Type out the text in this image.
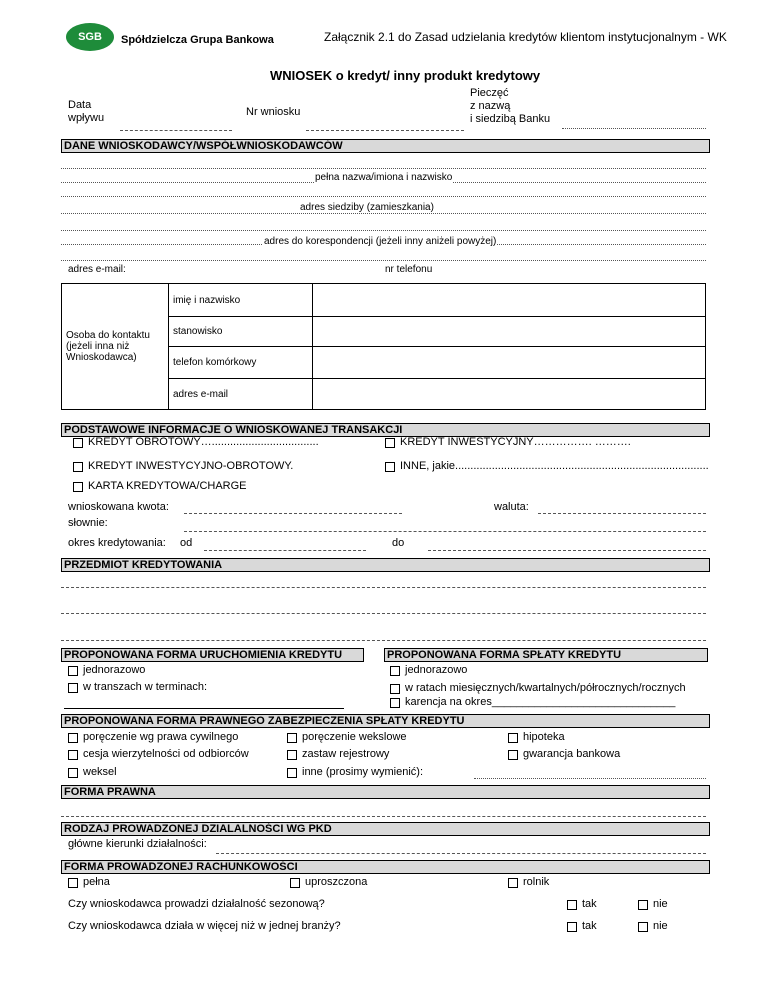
SGB	Spółdzielcza Grupa Bankowa	Załącznik 2.1 do Zasad udzielania kredytów klientom instytucjonalnym - WK
WNIOSEK o kredyt/ inny produkt kredytowy
Data
wpływu	Nr wniosku
Pieczęć
z nazwą
i siedzibą Banku
DANE WNIOSKODAWCY/WSPÓŁWNIOSKODAWCÓW
pełna nazwa/imiona i nazwisko
adres siedziby (zamieszkania)
adres do korespondencji (jeżeli inny aniżeli powyżej)
adres e-mail:	nr telefonu
Osoba do kontaktu
(jeżeli inna niż
Wnioskodawca)	imię i nazwisko	
	stanowisko	
	telefon komórkowy	
	adres e-mail	
PODSTAWOWE INFORMACJE O WNIOSKOWANEJ TRANSAKCJI
KREDYT OBROTOWY…...................................	KREDYT INWESTYCYJNY……………. ……….
KREDYT INWESTYCYJNO-OBROTOWY.	INNE, jakie...................................................................................
KARTA KREDYTOWA/CHARGE
wnioskowana kwota:	waluta:
słownie:
okres kredytowania: od	do
PRZEDMIOT KREDYTOWANIA
PROPONOWANA FORMA URUCHOMIENIA KREDYTU	PROPONOWANA FORMA SPŁATY KREDYTU
jednorazowo
w transzach w terminach:
jednorazowo
w ratach miesięcznych/kwartalnych/półrocznych/rocznych
karencja na okres______________________________
PROPONOWANA FORMA PRAWNEGO ZABEZPIECZENIA SPŁATY KREDYTU
poręczenie wg prawa cywilnego
cesja wierzytelności od odbiorców
weksel
poręczenie wekslowe
zastaw rejestrowy
inne (prosimy wymienić):
hipoteka
gwarancja bankowa
FORMA PRAWNA
RODZAJ PROWADZONEJ DZIALALNOŚCI WG PKD
główne kierunki działalności:
FORMA PROWADZONEJ RACHUNKOWOŚCI
pełna	uproszczona	rolnik
Czy wnioskodawca prowadzi działalność sezonową?	tak	nie
Czy wnioskodawca działa w więcej niż w jednej branży?	tak	nie
